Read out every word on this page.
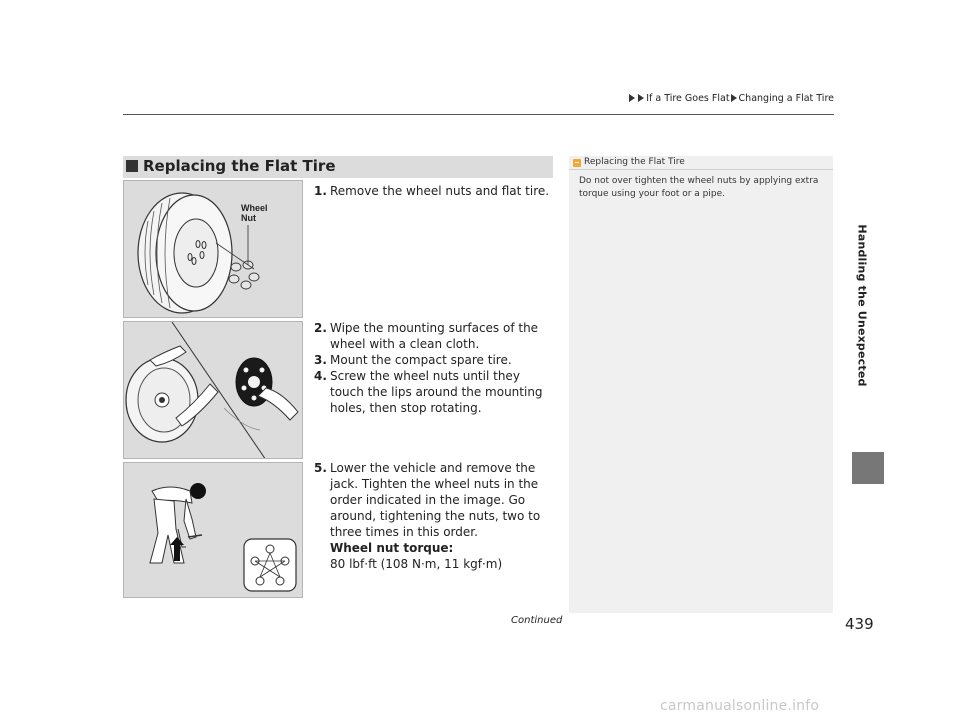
If a Tire Goes Flat Changing a Flat Tire
Handling the Unexpected
Replacing the Flat Tire
Wheel Nut
1. Remove the wheel nuts and flat tire.
2. Wipe the mounting surfaces of the wheel with a clean cloth.
3. Mount the compact spare tire.
4. Screw the wheel nuts until they touch the lips around the mounting holes, then stop rotating.
5. Lower the vehicle and remove the jack. Tighten the wheel nuts in the order indicated in the image. Go around, tightening the nuts, two to three times in this order.
Wheel nut torque:
80 lbf·ft (108 N·m, 11 kgf·m)
Replacing the Flat Tire
Do not over tighten the wheel nuts by applying extra torque using your foot or a pipe.
Continued	439
carmanualsonline.info
